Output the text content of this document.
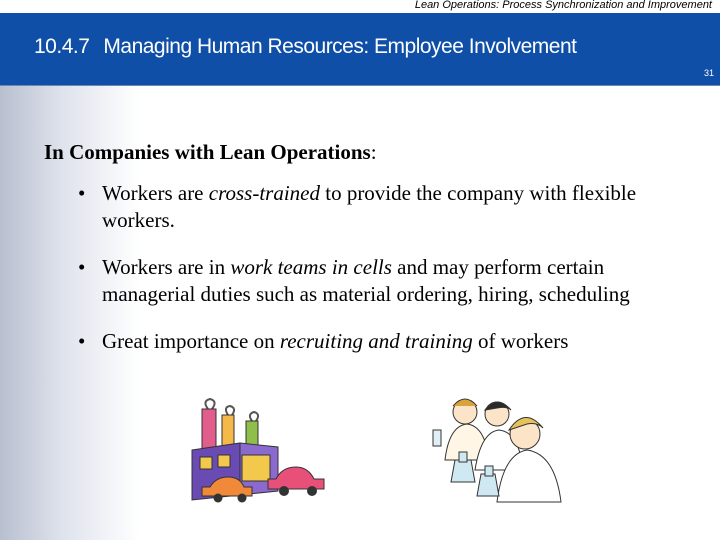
Lean Operations: Process Synchronization and Improvement
10.4.7 Managing Human Resources: Employee Involvement
31
In Companies with Lean Operations:
• Workers are cross-trained to provide the company with flexible workers.
• Workers are in work teams in cells and may perform certain managerial duties such as material ordering, hiring, scheduling
• Great importance on recruiting and training of workers
